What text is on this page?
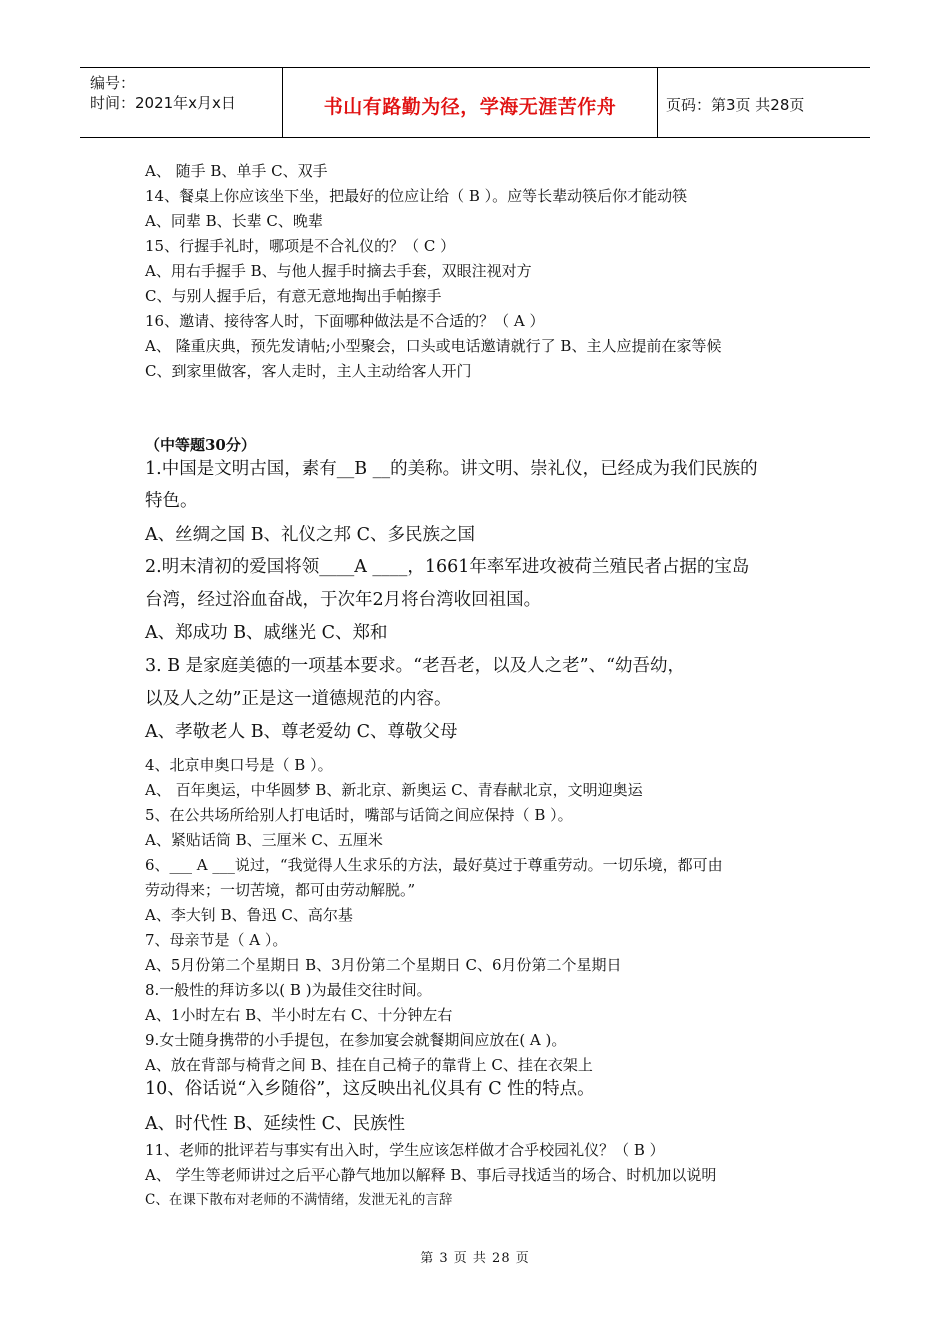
编号：
时间：2021年x月x日	书山有路勤为径，学海无涯苦作舟	页码：第3页 共28页
A、 随手 B、单手 C、双手
14、餐桌上你应该坐下坐，把最好的位应让给（ B ）。应等长辈动筷后你才能动筷
A、同辈 B、长辈 C、晚辈
15、行握手礼时，哪项是不合礼仪的？（ C ）
A、用右手握手 B、与他人握手时摘去手套，双眼注视对方
C、与别人握手后，有意无意地掏出手帕擦手
16、邀请、接待客人时，下面哪种做法是不合适的？（ A ）
A、 隆重庆典，预先发请帖;小型聚会，口头或电话邀请就行了 B、主人应提前在家等候
C、到家里做客，客人走时，主人主动给客人开门
（中等题30分）
1.中国是文明古国，素有__B __的美称。讲文明、崇礼仪，已经成为我们民族的
特色。
A、丝绸之国 B、礼仪之邦 C、多民族之国
2.明末清初的爱国将领____A ____，1661年率军进攻被荷兰殖民者占据的宝岛
台湾，经过浴血奋战，于次年2月将台湾收回祖国。
A、郑成功 B、戚继光 C、郑和
3. B 是家庭美德的一项基本要求。“老吾老，以及人之老”、“幼吾幼，
以及人之幼”正是这一道德规范的内容。
A、孝敬老人 B、尊老爱幼 C、尊敬父母
4、北京申奥口号是（ B ）。
A、 百年奥运，中华圆梦 B、新北京、新奥运 C、青春献北京，文明迎奥运
5、在公共场所给别人打电话时，嘴部与话筒之间应保持（ B ）。
A、紧贴话筒 B、三厘米 C、五厘米
6、___ A ___说过，“我觉得人生求乐的方法，最好莫过于尊重劳动。一切乐境，都可由
劳动得来；一切苦境，都可由劳动解脱。”
A、李大钊 B、鲁迅 C、高尔基
7、母亲节是（ A ）。
A、5月份第二个星期日 B、3月份第二个星期日 C、6月份第二个星期日
8.一般性的拜访多以( B )为最佳交往时间。
A、1小时左右 B、半小时左右 C、十分钟左右
9.女士随身携带的小手提包，在参加宴会就餐期间应放在( A )。
A、放在背部与椅背之间 B、挂在自己椅子的靠背上 C、挂在衣架上
10、俗话说“入乡随俗”，这反映出礼仪具有 C 性的特点。
A、时代性 B、延续性 C、民族性
11、老师的批评若与事实有出入时，学生应该怎样做才合乎校园礼仪？（ B ）
A、 学生等老师讲过之后平心静气地加以解释 B、事后寻找适当的场合、时机加以说明
C、在课下散布对老师的不满情绪，发泄无礼的言辞
第 3 页 共 28 页
